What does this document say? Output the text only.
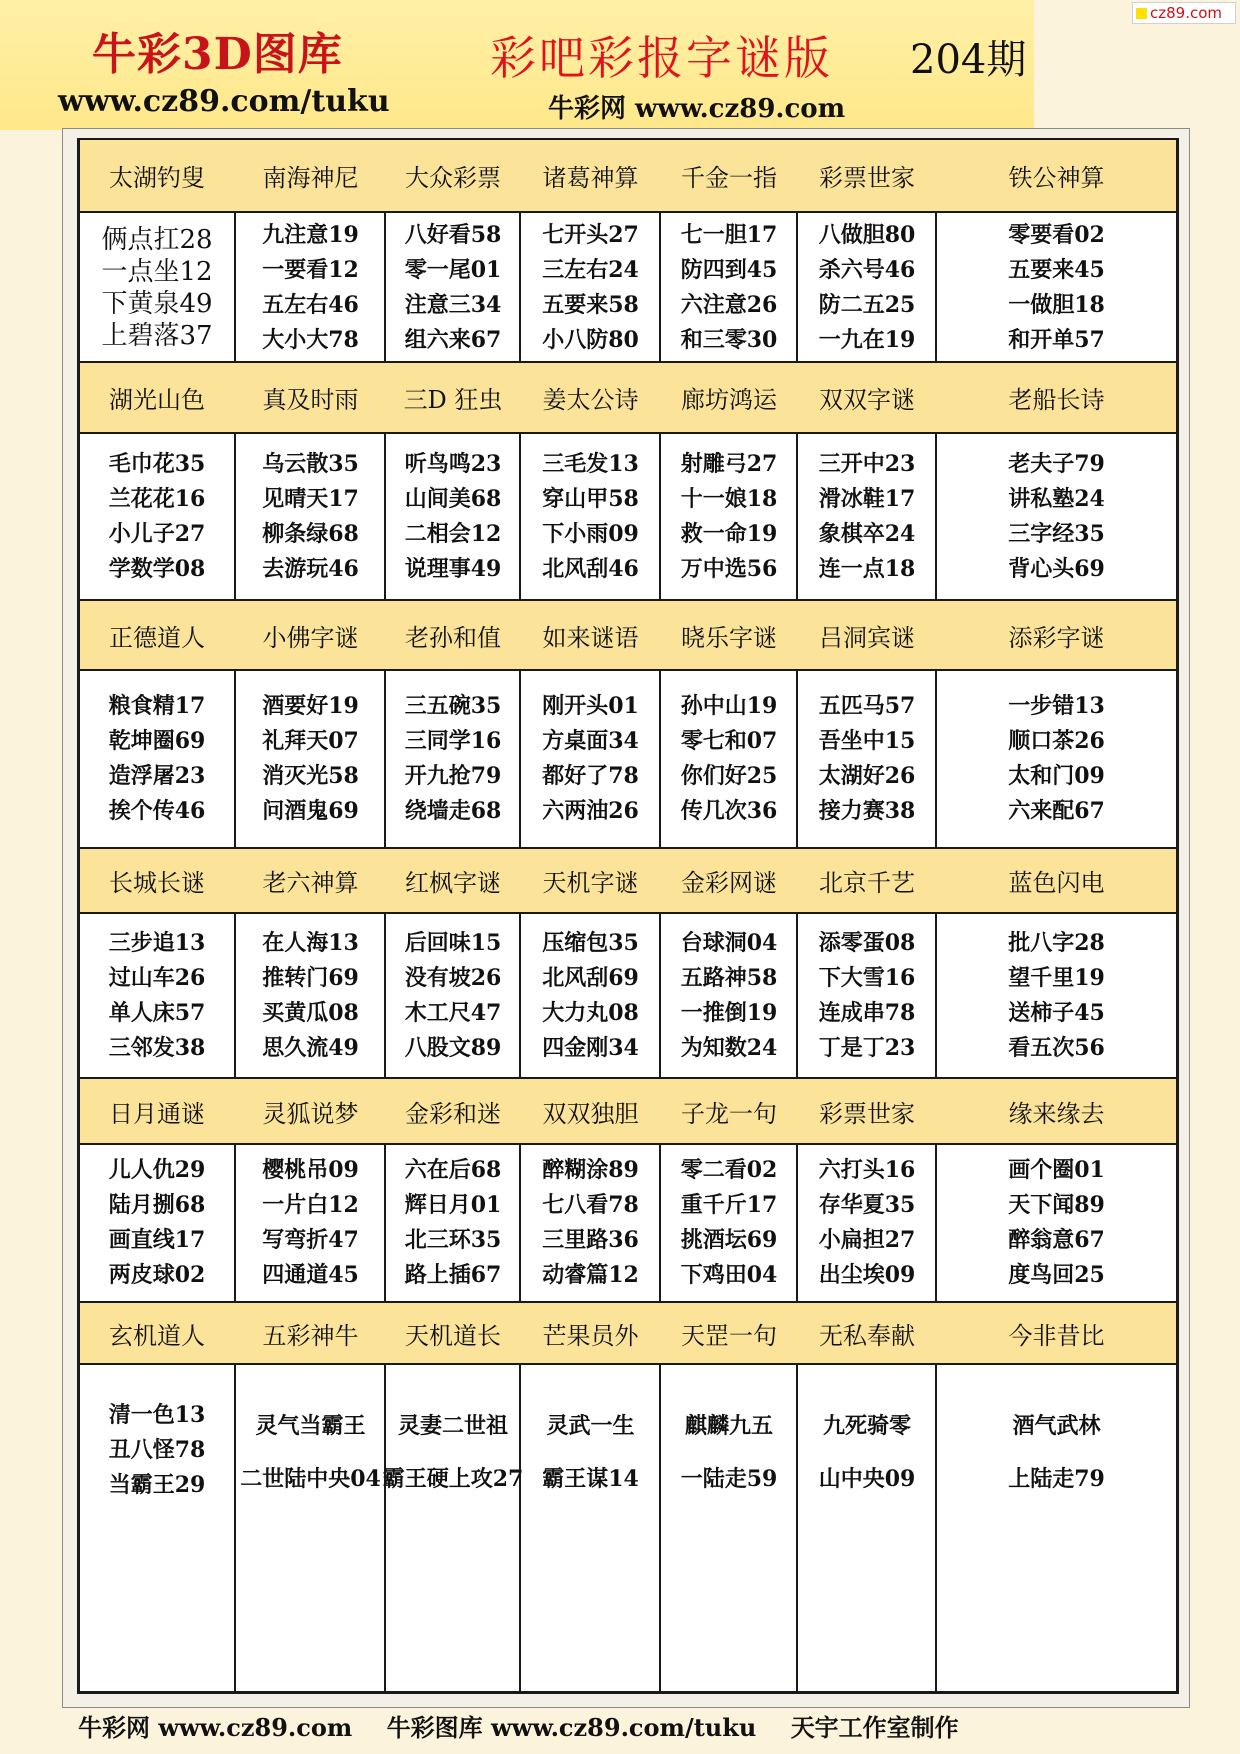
牛彩3D图库
www.cz89.com/tuku
彩吧彩报字谜版 204期
牛彩网 www.cz89.com
cz89.com
太湖钓叟
俩点扛28
一点坐12
下黄泉49
上碧落37
南海神尼
九注意19
一要看12
五左右46
大小大78
大众彩票
八好看58
零一尾01
注意三34
组六来67
诸葛神算
七开头27
三左右24
五要来58
小八防80
千金一指
七一胆17
防四到45
六注意26
和三零30
彩票世家
八做胆80
杀六号46
防二五25
一九在19
铁公神算
零要看02
五要来45
一做胆18
和开单57
湖光山色
毛巾花35
兰花花16
小儿子27
学数学08
真及时雨
乌云散35
见晴天17
柳条绿68
去游玩46
三D 狂虫
听鸟鸣23
山间美68
二相会12
说理事49
姜太公诗
三毛发13
穿山甲58
下小雨09
北风刮46
廊坊鸿运
射雕弓27
十一娘18
救一命19
万中选56
双双字谜
三开中23
滑冰鞋17
象棋卒24
连一点18
老船长诗
老夫子79
讲私塾24
三字经35
背心头69
正德道人
粮食精17
乾坤圈69
造浮屠23
挨个传46
小佛字谜
酒要好19
礼拜天07
消灭光58
问酒鬼69
老孙和值
三五碗35
三同学16
开九抢79
绕墙走68
如来谜语
刚开头01
方桌面34
都好了78
六两油26
晓乐字谜
孙中山19
零七和07
你们好25
传几次36
吕洞宾谜
五匹马57
吾坐中15
太湖好26
接力赛38
添彩字谜
一步错13
顺口茶26
太和门09
六来配67
长城长谜
三步追13
过山车26
单人床57
三邻发38
老六神算
在人海13
推转门69
买黄瓜08
思久流49
红枫字谜
后回味15
没有坡26
木工尺47
八股文89
天机字谜
压缩包35
北风刮69
大力丸08
四金刚34
金彩网谜
台球洞04
五路神58
一推倒19
为知数24
北京千艺
添零蛋08
下大雪16
连成串78
丁是丁23
蓝色闪电
批八字28
望千里19
送柿子45
看五次56
日月通谜
儿人仇29
陆月捌68
画直线17
两皮球02
灵狐说梦
樱桃吊09
一片白12
写弯折47
四通道45
金彩和迷
六在后68
辉日月01
北三环35
路上插67
双双独胆
醉糊涂89
七八看78
三里路36
动睿篇12
子龙一句
零二看02
重千斤17
挑酒坛69
下鸡田04
彩票世家
六打头16
存华夏35
小扁担27
出尘埃09
缘来缘去
画个圈01
天下闻89
醉翁意67
度鸟回25
玄机道人
清一色13
丑八怪78
当霸王29
五彩神牛
灵气当霸王
二世陆中央04
天机道长
灵妻二世祖
霸王硬上攻27
芒果员外
灵武一生
霸王谋14
天罡一句
麒麟九五
一陆走59
无私奉献
九死骑零
山中央09
今非昔比
酒气武林
上陆走79
牛彩网 www.cz89.com 牛彩图库 www.cz89.com/tuku 天宇工作室制作
